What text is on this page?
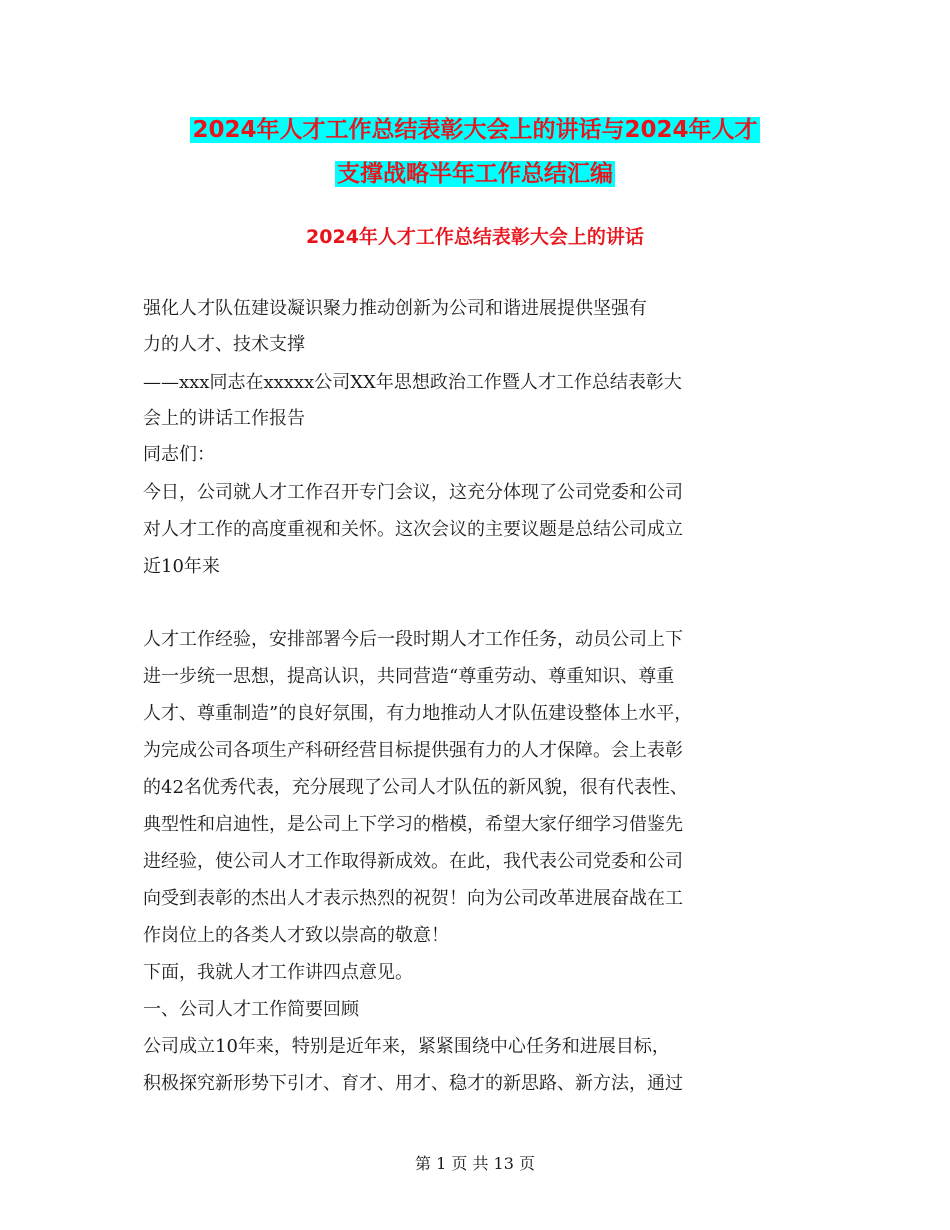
2024年人才工作总结表彰大会上的讲话与2024年人才
支撑战略半年工作总结汇编
2024年人才工作总结表彰大会上的讲话
强化人才队伍建设凝识聚力推动创新为公司和谐进展提供坚强有
力的人才、技术支撑
——xxx同志在xxxxx公司XX年思想政治工作暨人才工作总结表彰大
会上的讲话工作报告
同志们：
今日，公司就人才工作召开专门会议，这充分体现了公司党委和公司
对人才工作的高度重视和关怀。这次会议的主要议题是总结公司成立
近10年来
人才工作经验，安排部署今后一段时期人才工作任务，动员公司上下
进一步统一思想，提高认识，共同营造“尊重劳动、尊重知识、尊重
人才、尊重制造”的良好氛围，有力地推动人才队伍建设整体上水平，
为完成公司各项生产科研经营目标提供强有力的人才保障。会上表彰
的42名优秀代表，充分展现了公司人才队伍的新风貌，很有代表性、
典型性和启迪性，是公司上下学习的楷模，希望大家仔细学习借鉴先
进经验，使公司人才工作取得新成效。在此，我代表公司党委和公司
向受到表彰的杰出人才表示热烈的祝贺！向为公司改革进展奋战在工
作岗位上的各类人才致以崇高的敬意！
下面，我就人才工作讲四点意见。
一、公司人才工作简要回顾
公司成立10年来，特别是近年来，紧紧围绕中心任务和进展目标，
积极探究新形势下引才、育才、用才、稳才的新思路、新方法，通过
第 1 页 共 13 页
